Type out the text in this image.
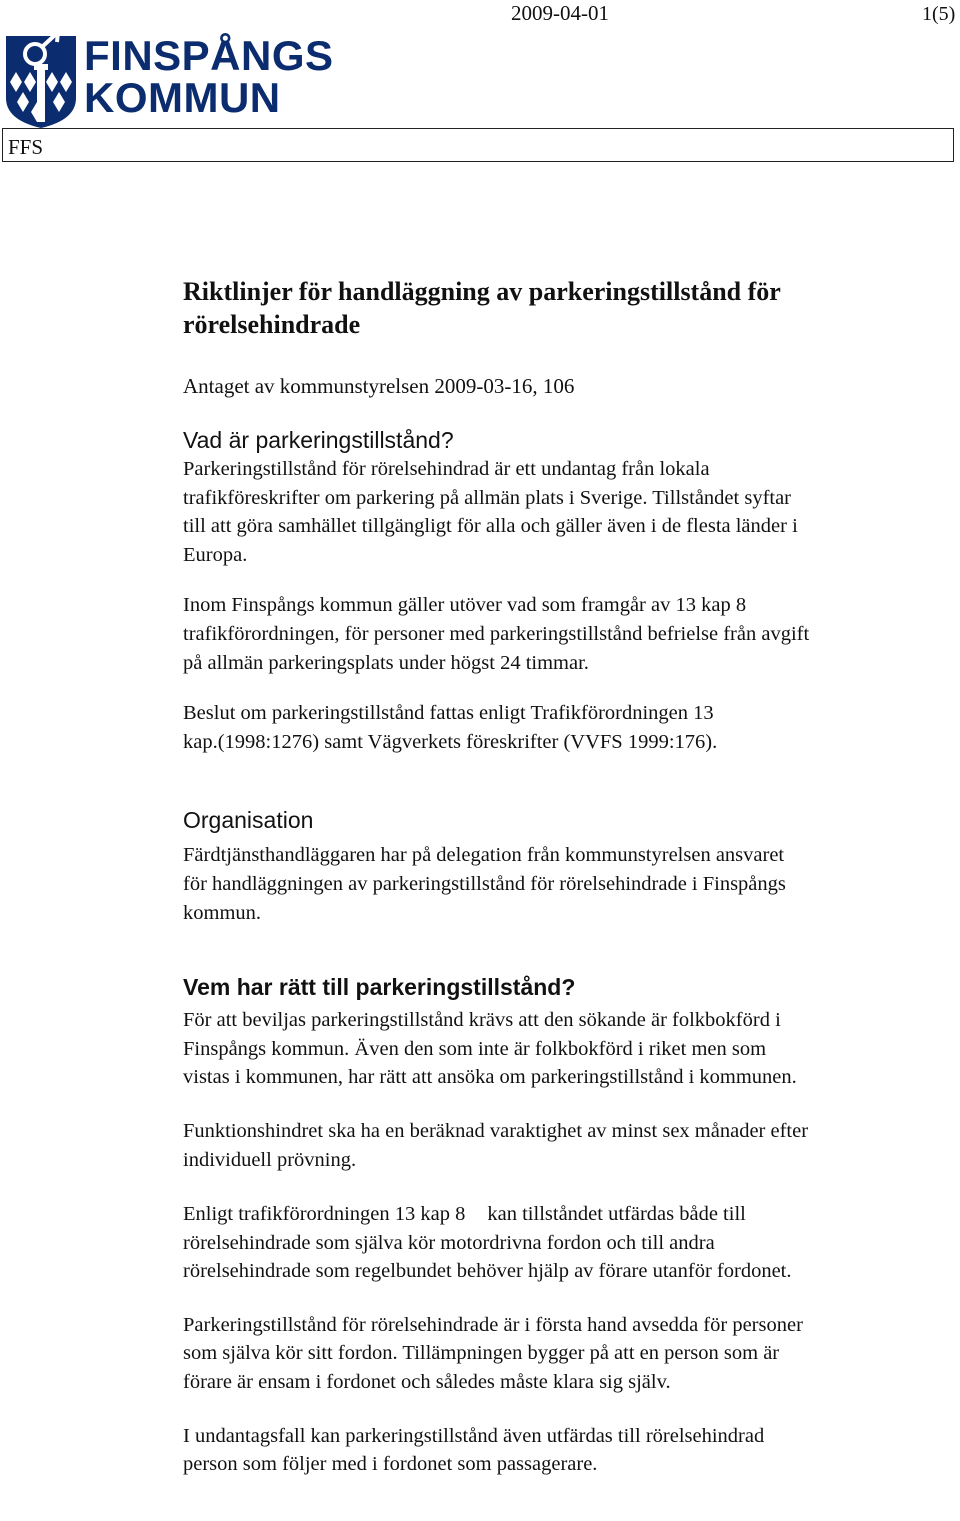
2009-04-01	1(5)
FINSPÅNGS
KOMMUN
FFS
Riktlinjer för handläggning av parkeringstillstånd för
rörelsehindrade

Antaget av kommunstyrelsen 2009-03-16, 106

Vad är parkeringstillstånd?

Parkeringstillstånd för rörelsehindrad är ett undantag från lokala
trafikföreskrifter om parkering på allmän plats i Sverige. Tillståndet syftar
till att göra samhället tillgängligt för alla och gäller även i de flesta länder i
Europa.

Inom Finspångs kommun gäller utöver vad som framgår av 13 kap 8
trafikförordningen, för personer med parkeringstillstånd befrielse från avgift
på allmän parkeringsplats under högst 24 timmar.

Beslut om parkeringstillstånd fattas enligt Trafikförordningen 13
kap.(1998:1276) samt Vägverkets föreskrifter (VVFS 1999:176).

Organisation

Färdtjänsthandläggaren har på delegation från kommunstyrelsen ansvaret
för handläggningen av parkeringstillstånd för rörelsehindrade i Finspångs
kommun.

Vem har rätt till parkeringstillstånd?

För att beviljas parkeringstillstånd krävs att den sökande är folkbokförd i
Finspångs kommun. Även den som inte är folkbokförd i riket men som
vistas i kommunen, har rätt att ansöka om parkeringstillstånd i kommunen.

Funktionshindret ska ha en beräknad varaktighet av minst sex månader efter
individuell prövning.

Enligt trafikförordningen 13 kap 8 kan tillståndet utfärdas både till
rörelsehindrade som själva kör motordrivna fordon och till andra
rörelsehindrade som regelbundet behöver hjälp av förare utanför fordonet.

Parkeringstillstånd för rörelsehindrade är i första hand avsedda för personer
som själva kör sitt fordon. Tillämpningen bygger på att en person som är
förare är ensam i fordonet och således måste klara sig själv.

I undantagsfall kan parkeringstillstånd även utfärdas till rörelsehindrad
person som följer med i fordonet som passagerare.
